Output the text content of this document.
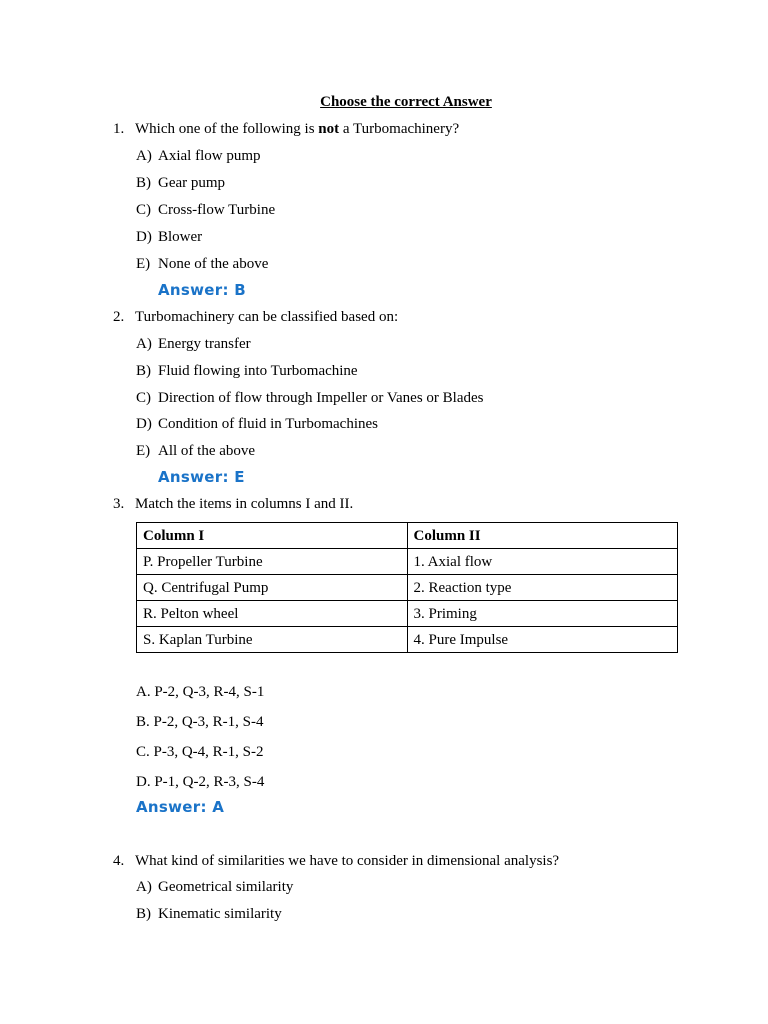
Choose the correct Answer
1. Which one of the following is not a Turbomachinery?
A) Axial flow pump
B) Gear pump
C) Cross-flow Turbine
D) Blower
E) None of the above
Answer: B
2. Turbomachinery can be classified based on:
A) Energy transfer
B) Fluid flowing into Turbomachine
C) Direction of flow through Impeller or Vanes or Blades
D) Condition of fluid in Turbomachines
E) All of the above
Answer: E
3. Match the items in columns I and II.
Column I	Column II
P. Propeller Turbine	1. Axial flow
Q. Centrifugal Pump	2. Reaction type
R. Pelton wheel	3. Priming
S. Kaplan Turbine	4. Pure Impulse
A. P-2, Q-3, R-4, S-1
B. P-2, Q-3, R-1, S-4
C. P-3, Q-4, R-1, S-2
D. P-1, Q-2, R-3, S-4
Answer: A
4. What kind of similarities we have to consider in dimensional analysis?
A) Geometrical similarity
B) Kinematic similarity
